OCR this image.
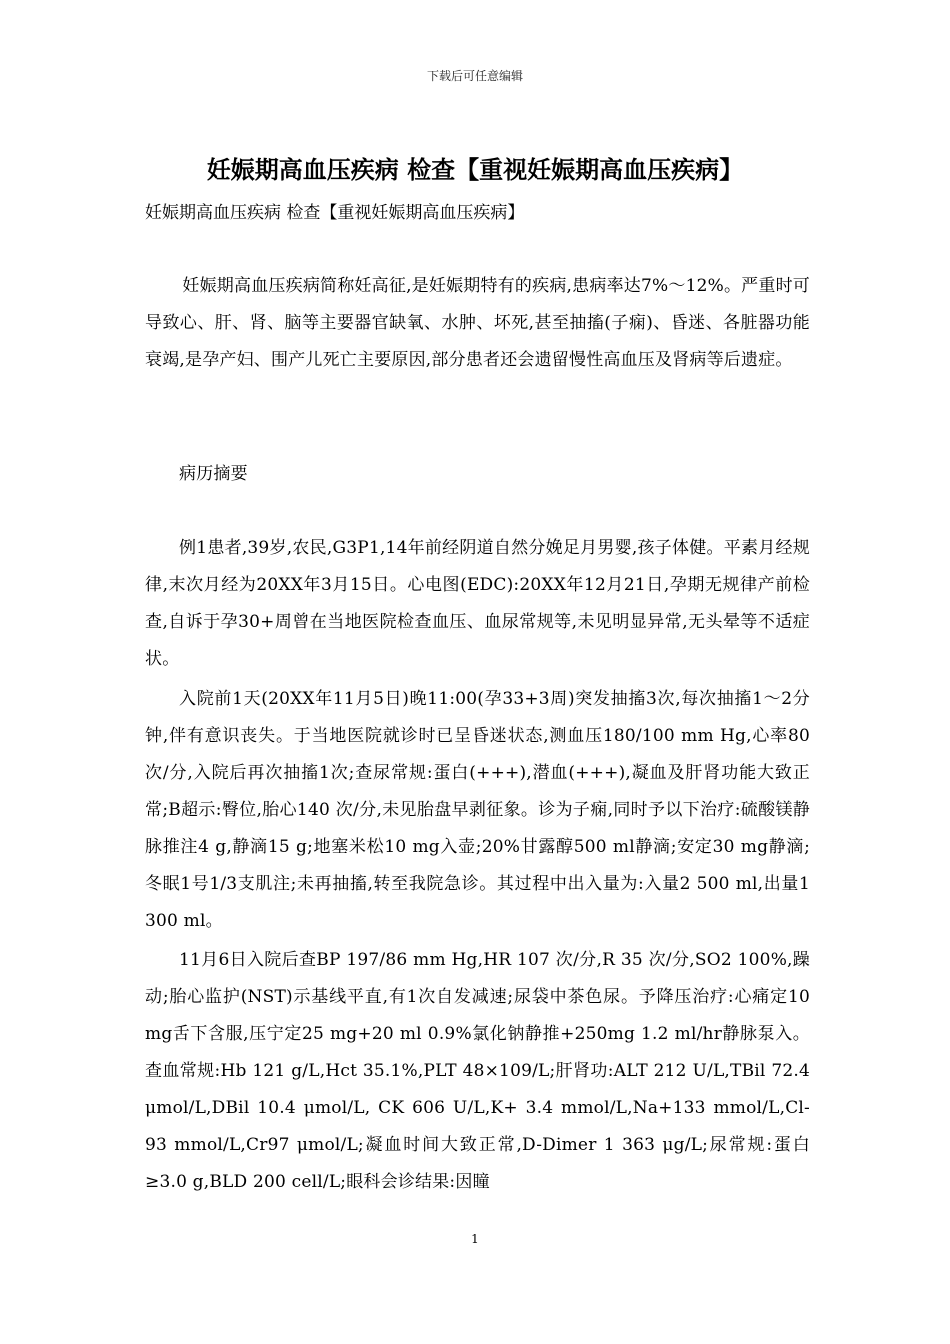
下载后可任意编辑
妊娠期高血压疾病 检查【重视妊娠期高血压疾病】

妊娠期高血压疾病 检查【重视妊娠期高血压疾病】

妊娠期高血压疾病简称妊高征,是妊娠期特有的疾病,患病率达7%～12%。严重时可导致心、肝、肾、脑等主要器官缺氧、水肿、坏死,甚至抽搐(子痫)、昏迷、各脏器功能衰竭,是孕产妇、围产儿死亡主要原因,部分患者还会遗留慢性高血压及肾病等后遗症。

病历摘要

例1患者,39岁,农民,G3P1,14年前经阴道自然分娩足月男婴,孩子体健。平素月经规律,末次月经为20XX年3月15日。心电图(EDC):20XX年12月21日,孕期无规律产前检查,自诉于孕30+周曾在当地医院检查血压、血尿常规等,未见明显异常,无头晕等不适症状。

入院前1天(20XX年11月5日)晚11:00(孕33+3周)突发抽搐3次,每次抽搐1～2分钟,伴有意识丧失。于当地医院就诊时已呈昏迷状态,测血压180/100 mm Hg,心率80 次/分,入院后再次抽搐1次;查尿常规:蛋白(+++),潜血(+++),凝血及肝肾功能大致正常;B超示:臀位,胎心140 次/分,未见胎盘早剥征象。诊为子痫,同时予以下治疗:硫酸镁静脉推注4 g,静滴15 g;地塞米松10 mg入壶;20%甘露醇500 ml静滴;安定30 mg静滴;冬眠1号1/3支肌注;未再抽搐,转至我院急诊。其过程中出入量为:入量2 500 ml,出量1 300 ml。

11月6日入院后查BP 197/86 mm Hg,HR 107 次/分,R 35 次/分,SO2 100%,躁动;胎心监护(NST)示基线平直,有1次自发减速;尿袋中茶色尿。予降压治疗:心痛定10 mg舌下含服,压宁定25 mg+20 ml 0.9%氯化钠静推+250mg 1.2 ml/hr静脉泵入。查血常规:Hb 121 g/L,Hct 35.1%,PLT 48×109/L;肝肾功:ALT 212 U/L,TBil 72.4 μmol/L,DBil 10.4 μmol/L, CK 606 U/L,K+ 3.4 mmol/L,Na+133 mmol/L,Cl-93 mmol/L,Cr97 μmol/L;凝血时间大致正常,D-Dimer 1 363 μg/L;尿常规:蛋白≥3.0 g,BLD 200 cell/L;眼科会诊结果:因瞳

1
